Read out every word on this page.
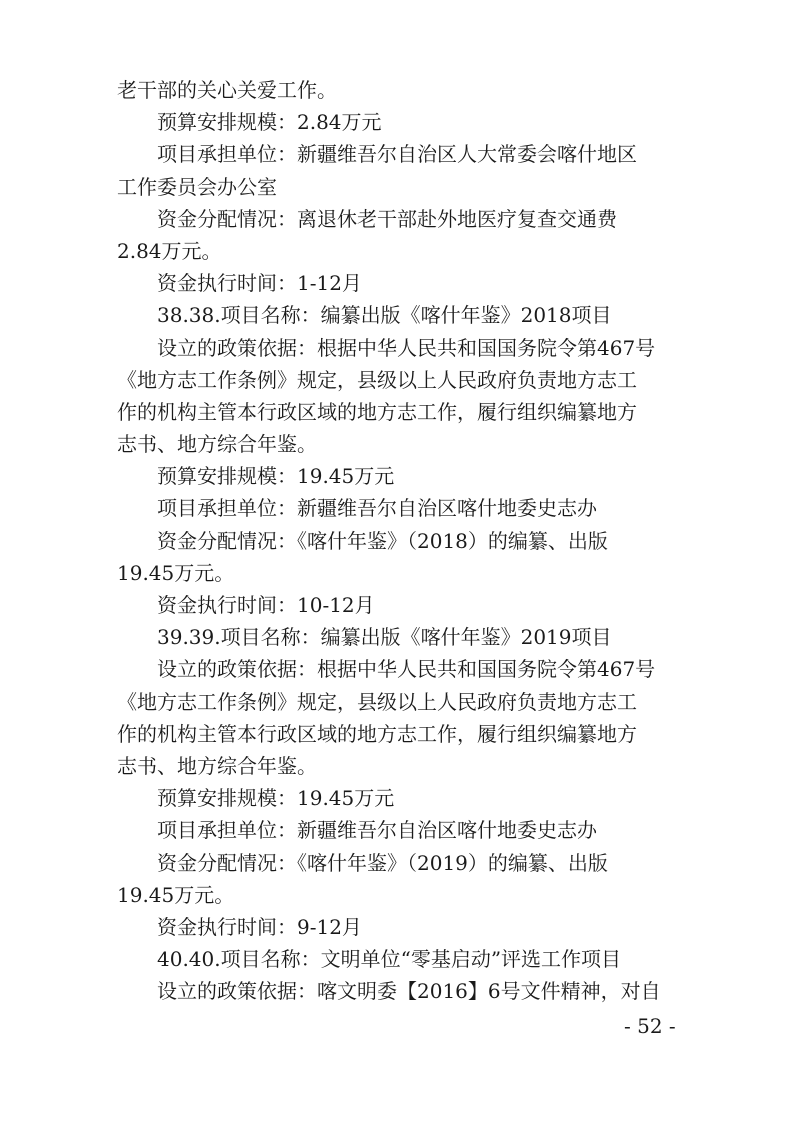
老干部的关心关爱工作。
预算安排规模：2.84万元
项目承担单位：新疆维吾尔自治区人大常委会喀什地区
工作委员会办公室
资金分配情况：离退休老干部赴外地医疗复查交通费
2.84万元。
资金执行时间：1-12月
38.38.项目名称：编纂出版《喀什年鉴》2018项目
设立的政策依据：根据中华人民共和国国务院令第467号
《地方志工作条例》规定，县级以上人民政府负责地方志工
作的机构主管本行政区域的地方志工作，履行组织编纂地方
志书、地方综合年鉴。
预算安排规模：19.45万元
项目承担单位：新疆维吾尔自治区喀什地委史志办
资金分配情况：《喀什年鉴》（2018）的编纂、出版
19.45万元。
资金执行时间：10-12月
39.39.项目名称：编纂出版《喀什年鉴》2019项目
设立的政策依据：根据中华人民共和国国务院令第467号
《地方志工作条例》规定，县级以上人民政府负责地方志工
作的机构主管本行政区域的地方志工作，履行组织编纂地方
志书、地方综合年鉴。
预算安排规模：19.45万元
项目承担单位：新疆维吾尔自治区喀什地委史志办
资金分配情况：《喀什年鉴》（2019）的编纂、出版
19.45万元。
资金执行时间：9-12月
40.40.项目名称：文明单位“零基启动”评选工作项目
设立的政策依据：喀文明委【2016】6号文件精神，对自
- 52 -
